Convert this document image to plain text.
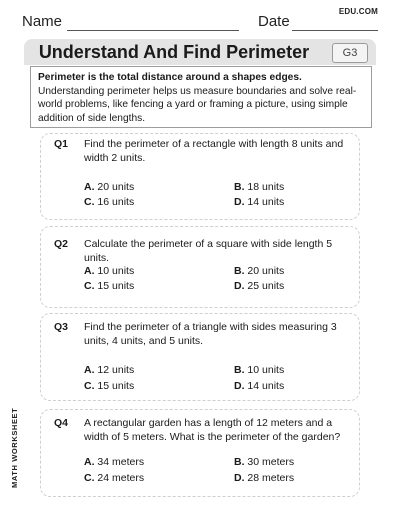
Name	Date
EDU.COM
Understand And Find Perimeter	G3
Perimeter is the total distance around a shapes edges. Understanding perimeter helps us measure boundaries and solve real-world problems, like fencing a yard or framing a picture, using simple addition of side lengths.
Q1 Find the perimeter of a rectangle with length 8 units and width 2 units.
A. 20 units	B. 18 units
C. 16 units	D. 14 units
Q2 Calculate the perimeter of a square with side length 5 units.
A. 10 units	B. 20 units
C. 15 units	D. 25 units
Q3 Find the perimeter of a triangle with sides measuring 3 units, 4 units, and 5 units.
A. 12 units	B. 10 units
C. 15 units	D. 14 units
Q4 A rectangular garden has a length of 12 meters and a width of 5 meters. What is the perimeter of the garden?
A. 34 meters	B. 30 meters
C. 24 meters	D. 28 meters
MATH WORKSHEET
